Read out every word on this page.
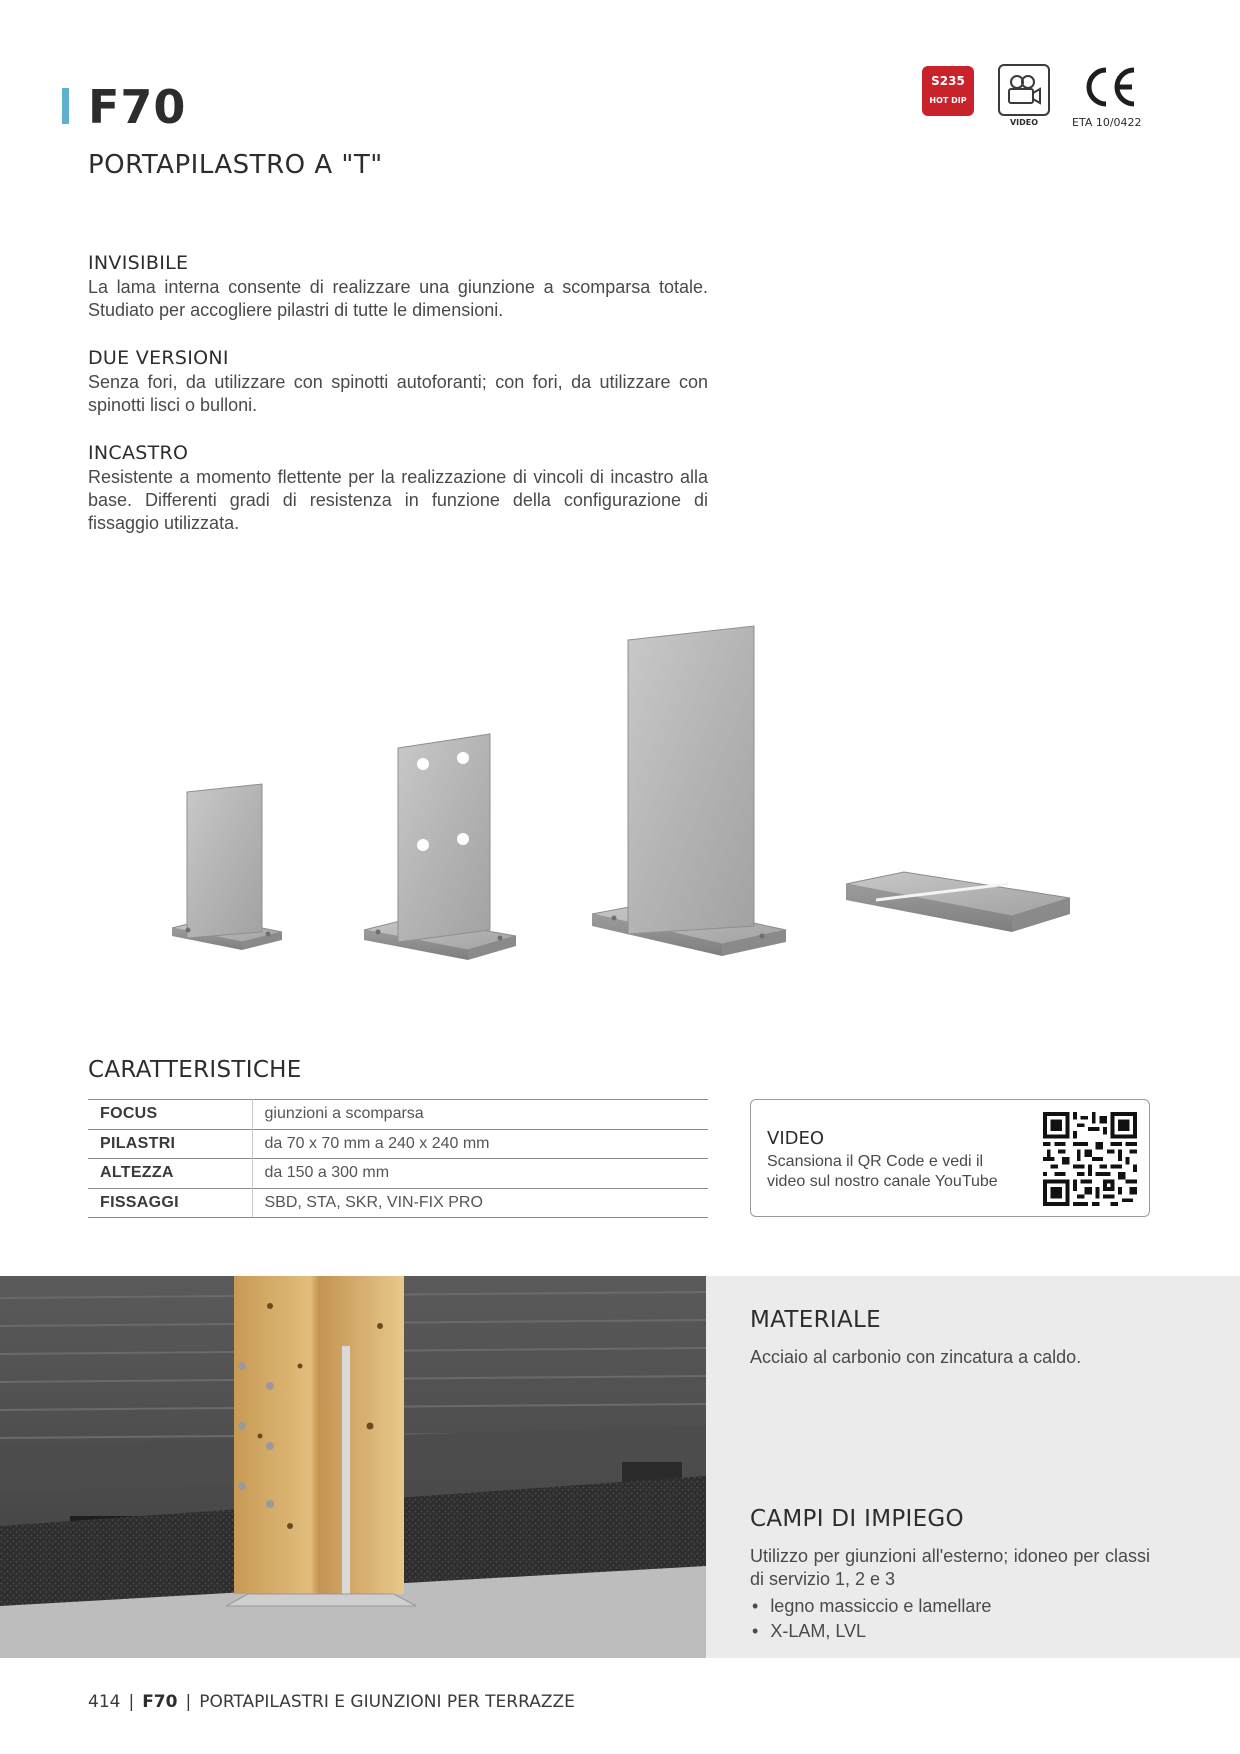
F70
PORTAPILASTRO A "T"
S235
HOT DIP
VIDEO	ETA 10/0422
INVISIBILE

La lama interna consente di realizzare una giunzione a scomparsa totale. Studiato per accogliere pilastri di tutte le dimensioni.

DUE VERSIONI

Senza fori, da utilizzare con spinotti autoforanti; con fori, da utilizzare con spinotti lisci o bulloni.

INCASTRO

Resistente a momento flettente per la realizzazione di vincoli di incastro alla base. Differenti gradi di resistenza in funzione della configurazione di fissaggio utilizzata.

CARATTERISTICHE
FOCUS	giunzioni a scomparsa
PILASTRI	da 70 x 70 mm a 240 x 240 mm
ALTEZZA	da 150 a 300 mm
FISSAGGI	SBD, STA, SKR, VIN-FIX PRO
VIDEO

Scansiona il QR Code e vedi il video sul nostro canale YouTube

MATERIALE
Acciaio al carbonio con zincatura a caldo.
CAMPI DI IMPIEGO
Utilizzo per giunzioni all'esterno; idoneo per classi di servizio 1, 2 e 3
• legno massiccio e lamellare
• X-LAM, LVL
414 | F70 | PORTAPILASTRI E GIUNZIONI PER TERRAZZE
